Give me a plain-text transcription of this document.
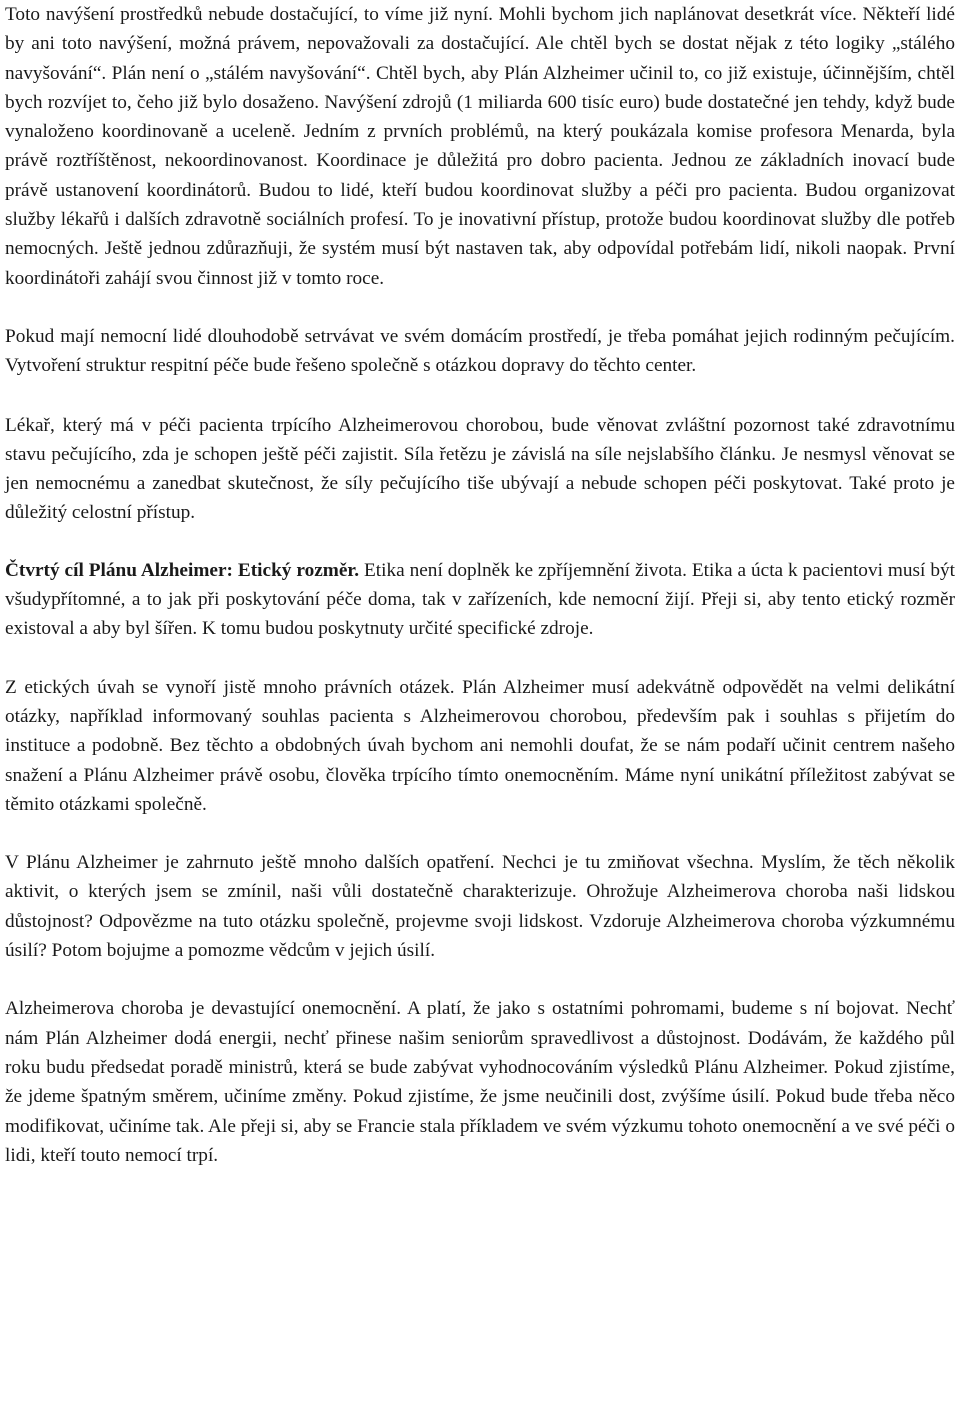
Toto navýšení prostředků nebude dostačující, to víme již nyní. Mohli bychom jich naplánovat desetkrát více. Někteří lidé by ani toto navýšení, možná právem, nepovažovali za dostačující. Ale chtěl bych se dostat nějak z této logiky „stálého navyšování“. Plán není o „stálém navyšování“. Chtěl bych, aby Plán Alzheimer učinil to, co již existuje, účinnějším, chtěl bych rozvíjet to, čeho již bylo dosaženo. Navýšení zdrojů (1 miliarda 600 tisíc euro) bude dostatečné jen tehdy, když bude vynaloženo koordinovaně a uceleně. Jedním z prvních problémů, na který poukázala komise profesora Menarda, byla právě roztříštěnost, nekoordinovanost. Koordinace je důležitá pro dobro pacienta. Jednou ze základních inovací bude právě ustanovení koordinátorů. Budou to lidé, kteří budou koordinovat služby a péči pro pacienta. Budou organizovat služby lékařů i dalších zdravotně sociálních profesí. To je inovativní přístup, protože budou koordinovat služby dle potřeb nemocných. Ještě jednou zdůrazňuji, že systém musí být nastaven tak, aby odpovídal potřebám lidí, nikoli naopak. První koordinátoři zahájí svou činnost již v tomto roce.

Pokud mají nemocní lidé dlouhodobě setrvávat ve svém domácím prostředí, je třeba pomáhat jejich rodinným pečujícím. Vytvoření struktur respitní péče bude řešeno společně s otázkou dopravy do těchto center.

Lékař, který má v péči pacienta trpícího Alzheimerovou chorobou, bude věnovat zvláštní pozornost také zdravotnímu stavu pečujícího, zda je schopen ještě péči zajistit. Síla řetězu je závislá na síle nejslabšího článku. Je nesmysl věnovat se jen nemocnému a zanedbat skutečnost, že síly pečujícího tiše ubývají a nebude schopen péči poskytovat. Také proto je důležitý celostní přístup.

Čtvrtý cíl Plánu Alzheimer: Etický rozměr. Etika není doplněk ke zpříjemnění života. Etika a úcta k pacientovi musí být všudypřítomné, a to jak při poskytování péče doma, tak v zařízeních, kde nemocní žijí. Přeji si, aby tento etický rozměr existoval a aby byl šířen. K tomu budou poskytnuty určité specifické zdroje.

Z etických úvah se vynoří jistě mnoho právních otázek. Plán Alzheimer musí adekvátně odpovědět na velmi delikátní otázky, například informovaný souhlas pacienta s Alzheimerovou chorobou, především pak i souhlas s přijetím do instituce a podobně. Bez těchto a obdobných úvah bychom ani nemohli doufat, že se nám podaří učinit centrem našeho snažení a Plánu Alzheimer právě osobu, člověka trpícího tímto onemocněním. Máme nyní unikátní příležitost zabývat se těmito otázkami společně.

V Plánu Alzheimer je zahrnuto ještě mnoho dalších opatření. Nechci je tu zmiňovat všechna. Myslím, že těch několik aktivit, o kterých jsem se zmínil, naši vůli dostatečně charakterizuje. Ohrožuje Alzheimerova choroba naši lidskou důstojnost? Odpovězme na tuto otázku společně, projevme svoji lidskost. Vzdoruje Alzheimerova choroba výzkumnému úsilí? Potom bojujme a pomozme vědcům v jejich úsilí.

Alzheimerova choroba je devastující onemocnění. A platí, že jako s ostatními pohromami, budeme s ní bojovat. Nechť nám Plán Alzheimer dodá energii, nechť přinese našim seniorům spravedlivost a důstojnost. Dodávám, že každého půl roku budu předsedat poradě ministrů, která se bude zabývat vyhodnocováním výsledků Plánu Alzheimer. Pokud zjistíme, že jdeme špatným směrem, učiníme změny. Pokud zjistíme, že jsme neučinili dost, zvýšíme úsilí. Pokud bude třeba něco modifikovat, učiníme tak. Ale přeji si, aby se Francie stala příkladem ve svém výzkumu tohoto onemocnění a ve své péči o lidi, kteří touto nemocí trpí.
